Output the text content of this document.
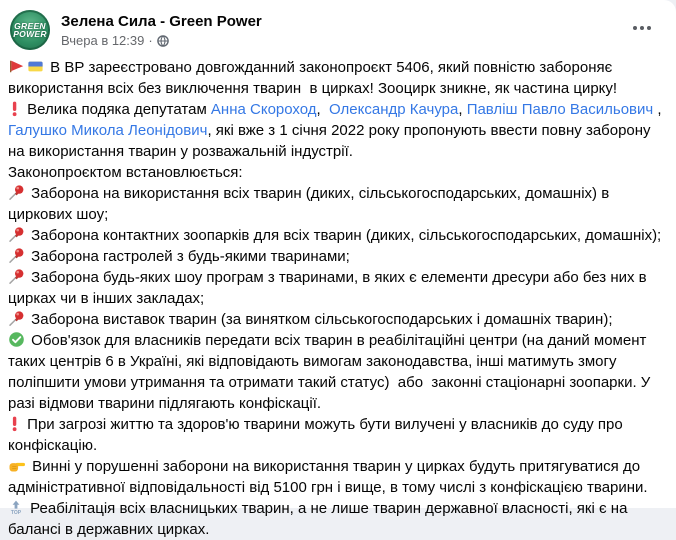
GREEN
POWER
Зелена Сила - Green Power
Вчера в 12:39 ·
В ВР зареєстровано довгожданний законопроєкт 5406, який повністю забороняє використання всіх без виключення тварин  в цирках! Зооцирк зникне, як частина цирку!
Велика подяка депутатам Анна Скороход,  Олександр Качура, Павліш Павло Васильович , Галушко Микола Леонідович, які вже з 1 січня 2022 року пропонують ввести повну заборону на використання тварин у розважальній індустрії.
Законопроєктом встановлюється:
Заборона на використання всіх тварин (диких, сільськогосподарських, домашніх) в циркових шоу;
Заборона контактних зоопарків для всіх тварин (диких, сільськогосподарських, домашніх);
Заборона гастролей з будь-якими тваринами;
Заборона будь-яких шоу програм з тваринами, в яких є елементи дресури або без них в цирках чи в інших закладах;
Заборона виставок тварин (за винятком сільськогосподарських і домашніх тварин);
Обов'язок для власників передати всіх тварин в реабілітаційні центри (на даний момент таких центрів 6 в Україні, які відповідають вимогам законодавства, інші матимуть змогу поліпшити умови утримання та отримати такий статус)  або  законні стаціонарні зоопарки. У разі відмови тварини підлягають конфіскації.
При загрозі життю та здоров'ю тварини можуть бути вилучені у власників до суду про конфіскацію.
Винні у порушенні заборони на використання тварин у цирках будуть притягуватися до адміністративної відповідальності від 5100 грн і вище, в тому числі з конфіскацією тварини.
TOP Реабілітація всіх власницьких тварин, а не лише тварин державної власності, які є на балансі в державних цирках.
